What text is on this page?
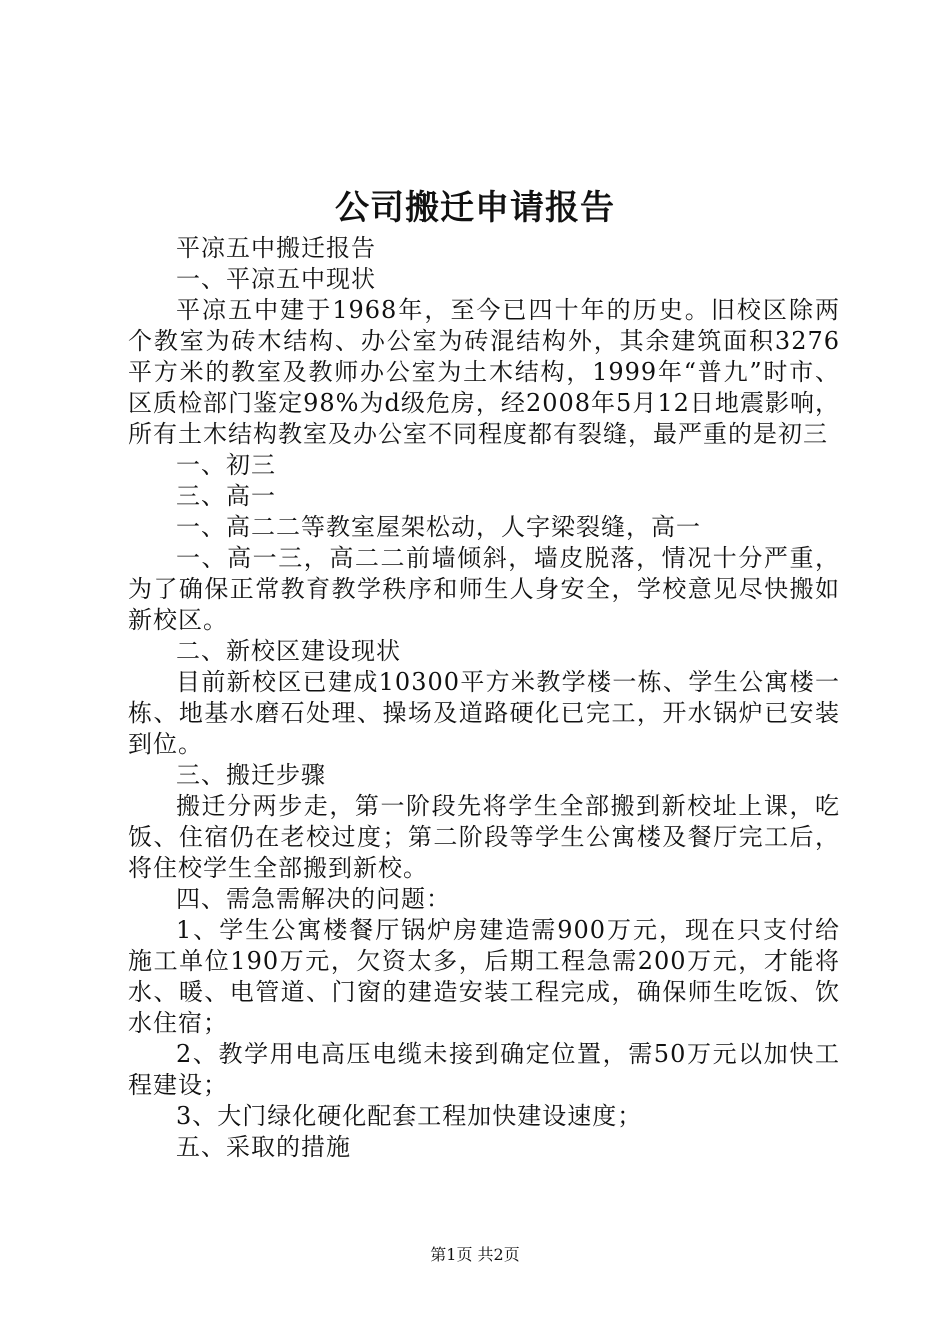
公司搬迁申请报告

平凉五中搬迁报告

一、平凉五中现状

平凉五中建于1968年，至今已四十年的历史。旧校区除两个教室为砖木结构、办公室为砖混结构外，其余建筑面积3276平方米的教室及教师办公室为土木结构，1999年“普九”时市、区质检部门鉴定98%为d级危房，经2008年5月12日地震影响，所有土木结构教室及办公室不同程度都有裂缝，最严重的是初三

一、初三

三、高一

一、高二二等教室屋架松动，人字梁裂缝，高一

一、高一三，高二二前墙倾斜，墙皮脱落，情况十分严重，为了确保正常教育教学秩序和师生人身安全，学校意见尽快搬如新校区。

二、新校区建设现状

目前新校区已建成10300平方米教学楼一栋、学生公寓楼一栋、地基水磨石处理、操场及道路硬化已完工，开水锅炉已安装到位。

三、搬迁步骤

搬迁分两步走，第一阶段先将学生全部搬到新校址上课，吃饭、住宿仍在老校过度；第二阶段等学生公寓楼及餐厅完工后，将住校学生全部搬到新校。

四、需急需解决的问题：

1、学生公寓楼餐厅锅炉房建造需900万元，现在只支付给施工单位190万元，欠资太多，后期工程急需200万元，才能将水、暖、电管道、门窗的建造安装工程完成，确保师生吃饭、饮水住宿；

2、教学用电高压电缆未接到确定位置，需50万元以加快工程建设；

3、大门绿化硬化配套工程加快建设速度；

五、采取的措施

第1页 共2页
